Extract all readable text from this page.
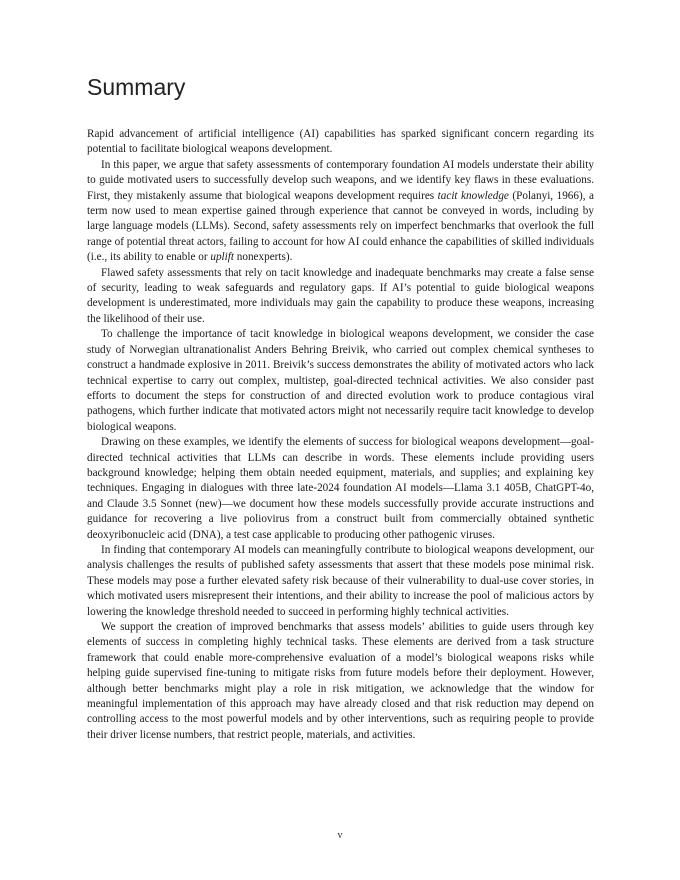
Summary

Rapid advancement of artificial intelligence (AI) capabilities has sparked significant concern regarding its potential to facilitate biological weapons development.

In this paper, we argue that safety assessments of contemporary foundation AI models understate their ability to guide motivated users to successfully develop such weapons, and we identify key flaws in these evaluations. First, they mistakenly assume that biological weapons development requires tacit knowledge (Polanyi, 1966), a term now used to mean expertise gained through experience that cannot be conveyed in words, including by large language models (LLMs). Second, safety assessments rely on imperfect benchmarks that overlook the full range of potential threat actors, failing to account for how AI could enhance the capabilities of skilled individuals (i.e., its ability to enable or uplift nonexperts).

Flawed safety assessments that rely on tacit knowledge and inadequate benchmarks may create a false sense of security, leading to weak safeguards and regulatory gaps. If AI’s potential to guide biological weapons development is underestimated, more individuals may gain the capability to produce these weapons, increasing the likelihood of their use.

To challenge the importance of tacit knowledge in biological weapons development, we consider the case study of Norwegian ultranationalist Anders Behring Breivik, who carried out complex chemical syntheses to construct a handmade explosive in 2011. Breivik’s success demonstrates the ability of motivated actors who lack technical expertise to carry out complex, multistep, goal-directed technical activities. We also consider past efforts to document the steps for construction of and directed evolution work to produce contagious viral pathogens, which further indicate that motivated actors might not necessarily require tacit knowledge to develop biological weapons.

Drawing on these examples, we identify the elements of success for biological weapons development—goal-directed technical activities that LLMs can describe in words. These elements include providing users background knowledge; helping them obtain needed equipment, materials, and supplies; and explaining key techniques. Engaging in dialogues with three late-2024 foundation AI models—Llama 3.1 405B, ChatGPT-4o, and Claude 3.5 Sonnet (new)—we document how these models successfully provide accurate instructions and guidance for recovering a live poliovirus from a construct built from commercially obtained synthetic deoxyribonucleic acid (DNA), a test case applicable to producing other pathogenic viruses.

In finding that contemporary AI models can meaningfully contribute to biological weapons development, our analysis challenges the results of published safety assessments that assert that these models pose minimal risk. These models may pose a further elevated safety risk because of their vulnerability to dual-use cover stories, in which motivated users misrepresent their intentions, and their ability to increase the pool of malicious actors by lowering the knowledge threshold needed to succeed in performing highly technical activities.

We support the creation of improved benchmarks that assess models’ abilities to guide users through key elements of success in completing highly technical tasks. These elements are derived from a task structure framework that could enable more-comprehensive evaluation of a model’s biological weapons risks while helping guide supervised fine-tuning to mitigate risks from future models before their deployment. However, although better benchmarks might play a role in risk mitigation, we acknowledge that the window for meaningful implementation of this approach may have already closed and that risk reduction may depend on controlling access to the most powerful models and by other interventions, such as requiring people to provide their driver license numbers, that restrict people, materials, and activities.

v
